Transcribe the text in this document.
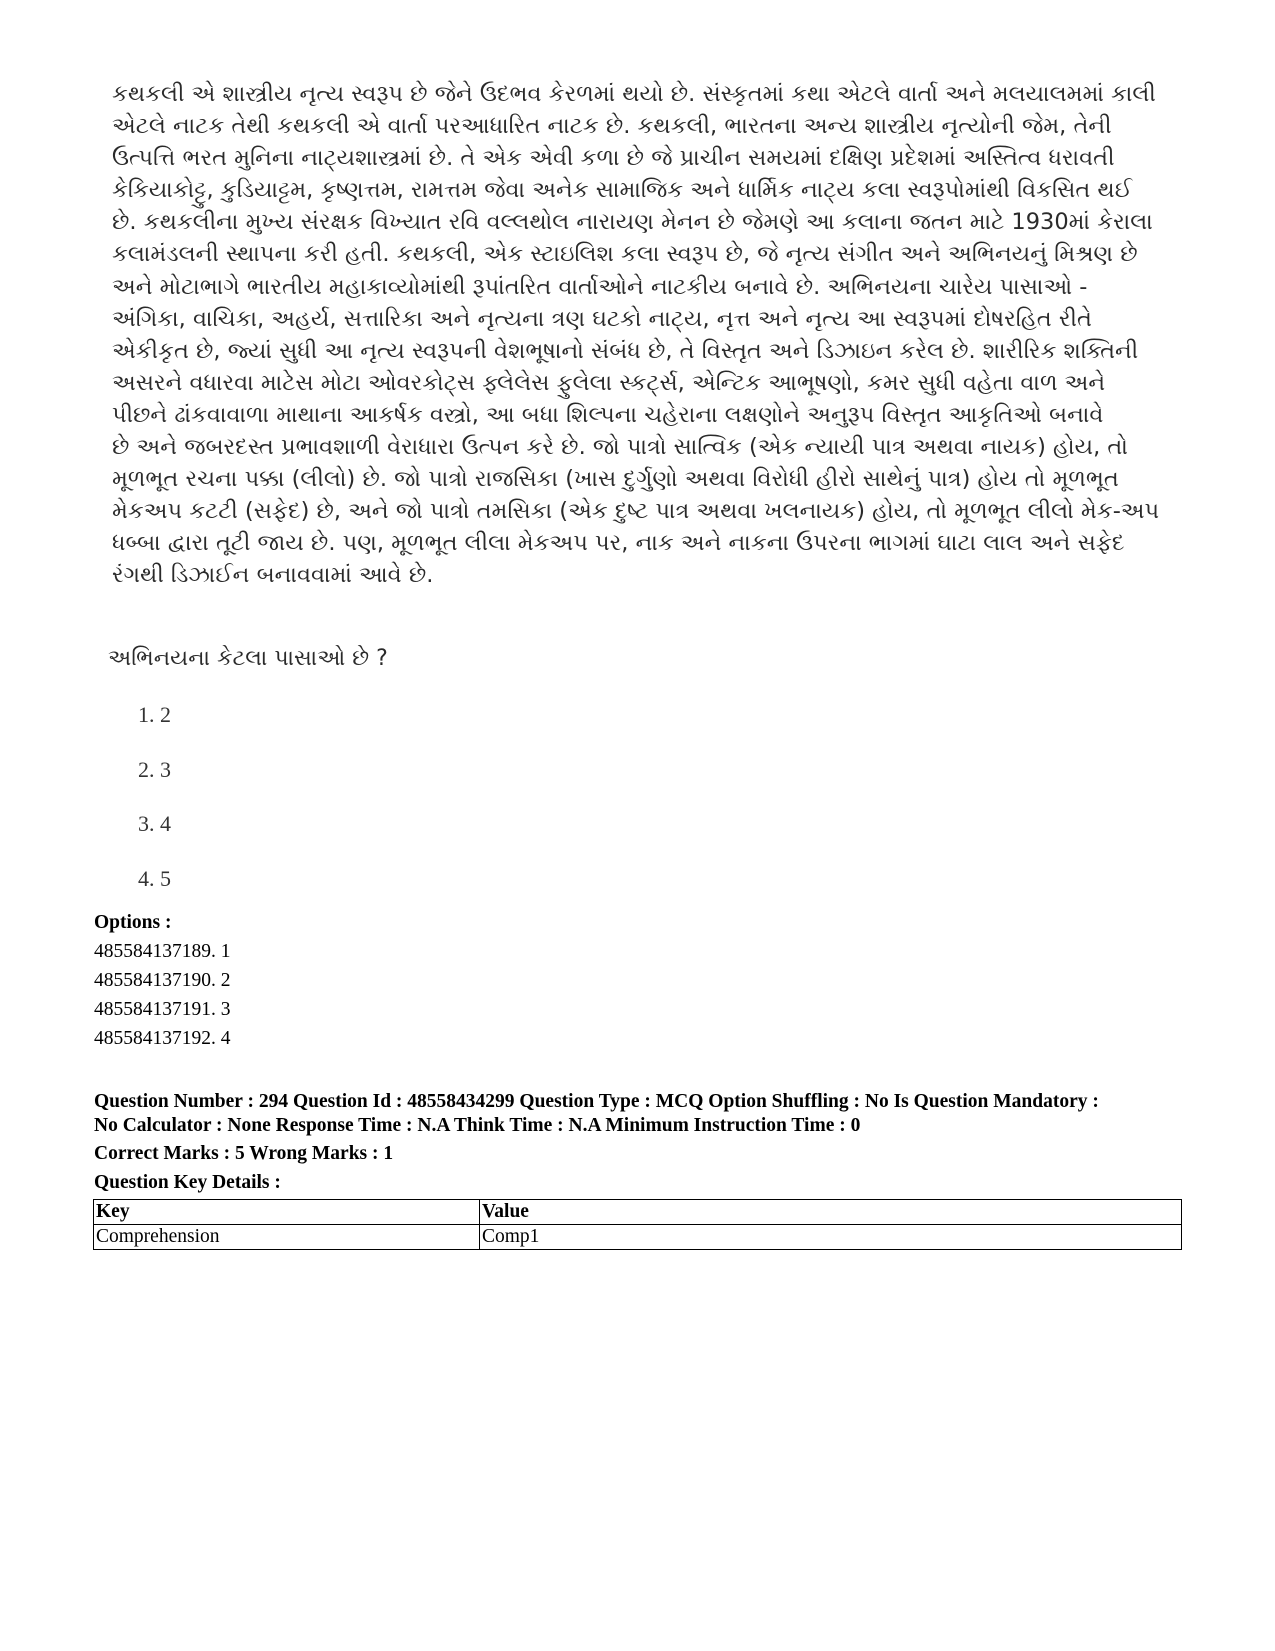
કથકલી એ શાસ્ત્રીય નૃત્ય સ્વરૂપ છે જેને ઉદભવ કેરળમાં થયો છે. સંસ્કૃતમાં કથા એટલે વાર્તા અને મલયાલમમાં કાલી

એટલે નાટક તેથી કથકલી એ વાર્તા પરઆધારિત નાટક છે. કથકલી, ભારતના અન્ય શાસ્ત્રીય નૃત્યોની જેમ, તેની

ઉત્પત્તિ ભરત મુનિના નાટ્યશાસ્ત્રમાં છે. તે એક એવી કળા છે જે પ્રાચીન સમયમાં દક્ષિણ પ્રદેશમાં અસ્તિત્વ ધરાવતી

કેકિયાકોટ્ટુ, કુડિયાટ્ટમ, કૃષ્ણત્તમ, રામત્તમ જેવા અનેક સામાજિક અને ધાર્મિક નાટ્ય કલા સ્વરૂપોમાંથી વિકસિત થઈ

છે. કથકલીના મુખ્ય સંરક્ષક વિખ્યાત રવિ વલ્લથોલ નારાયણ મેનન છે જેમણે આ કલાના જતન માટે 1930માં કેરાલા

કલામંડલની સ્થાપના કરી હતી. કથકલી, એક સ્ટાઇલિશ કલા સ્વરૂપ છે, જે નૃત્ય સંગીત અને અભિનયનું મિશ્રણ છે

અને મોટાભાગે ભારતીય મહાકાવ્યોમાંથી રૂપાંતરિત વાર્તાઓને નાટકીય બનાવે છે. અભિનયના ચારેય પાસાઓ -

અંગિકા, વાચિકા, અહર્ય, સત્તારિકા અને નૃત્યના ત્રણ ઘટકો નાટ્ય, નૃત્ત અને નૃત્ય આ સ્વરૂપમાં દોષરહિત રીતે

એકીકૃત છે, જ્યાં સુધી આ નૃત્ય સ્વરૂપની વેશભૂષાનો સંબંધ છે, તે વિસ્તૃત અને ડિઝાઇન કરેલ છે. શારીરિક શક્તિની

અસરને વધારવા માટેસ મોટા ઓવરકોટ્સ ફ્લેલેસ ફુલેલા સ્કર્ટ્સ, એન્ટિક આભૂષણો, કમર સુધી વહેતા વાળ અને

પીછને ઢાંકવાવાળા માથાના આકર્ષક વસ્ત્રો, આ બધા શિલ્પના ચહેરાના લક્ષણોને અનુરૂપ વિસ્તૃત આકૃતિઓ બનાવે

છે અને જબરદસ્ત પ્રભાવશાળી વેરાધારા ઉત્પન કરે છે. જો પાત્રો સાત્વિક (એક ન્યાયી પાત્ર અથવા નાયક) હોય, તો

મૂળભૂત રચના પક્કા (લીલો) છે. જો પાત્રો રાજસિકા (ખાસ દુર્ગુણો અથવા વિરોધી હીરો સાથેનું પાત્ર) હોય તો મૂળભૂત

મેકઅપ કટટી (સફેદ) છે, અને જો પાત્રો તમસિકા (એક દુષ્ટ પાત્ર અથવા ખલનાયક) હોય, તો મૂળભૂત લીલો મેક-અપ

ધબ્બા દ્વારા તૂટી જાય છે. પણ, મૂળભૂત લીલા મેકઅપ પર, નાક અને નાકના ઉપરના ભાગમાં ઘાટા લાલ અને સફેદ

રંગથી ડિઝાઈન બનાવવામાં આવે છે.

અભિનયના કેટલા પાસાઓ છે ?

1. 2
2. 3
3. 4
4. 5
Options :
485584137189. 1
485584137190. 2
485584137191. 3
485584137192. 4
Question Number : 294 Question Id : 48558434299 Question Type : MCQ Option Shuffling : No Is Question Mandatory :
No Calculator : None Response Time : N.A Think Time : N.A Minimum Instruction Time : 0
Correct Marks : 5 Wrong Marks : 1
Question Key Details :
Key	Value
Comprehension	Comp1
